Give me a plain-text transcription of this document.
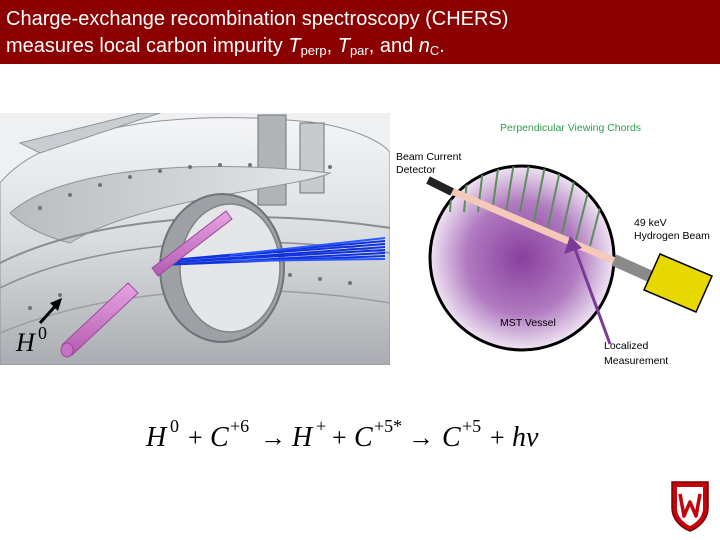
Charge-exchange recombination spectroscopy (CHERS)
measures local carbon impurity $T_{perp}$, $T_{par}$, and $n_C$.
H 0
Perpendicular Viewing Chords
Beam Current
Detector
49 keV
Hydrogen Beam
MST Vessel
Localized
Measurement
H 0 + C +6 → H + + C +5* → C +5 + hν
